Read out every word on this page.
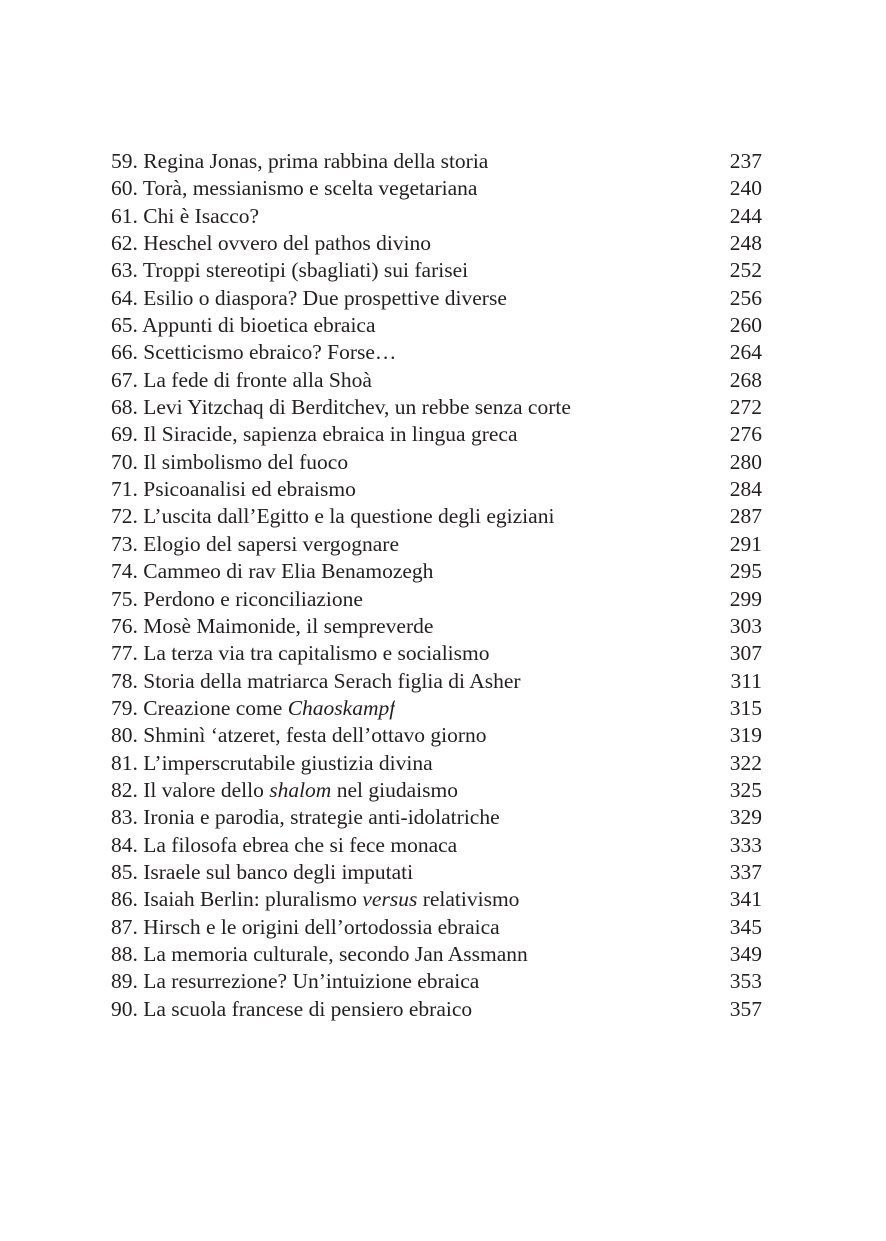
59. Regina Jonas, prima rabbina della storia	237
60. Torà, messianismo e scelta vegetariana	240
61. Chi è Isacco?	244
62. Heschel ovvero del pathos divino	248
63. Troppi stereotipi (sbagliati) sui farisei	252
64. Esilio o diaspora? Due prospettive diverse	256
65. Appunti di bioetica ebraica	260
66. Scetticismo ebraico? Forse…	264
67. La fede di fronte alla Shoà	268
68. Levi Yitzchaq di Berditchev, un rebbe senza corte	272
69. Il Siracide, sapienza ebraica in lingua greca	276
70. Il simbolismo del fuoco	280
71. Psicoanalisi ed ebraismo	284
72. L’uscita dall’Egitto e la questione degli egiziani	287
73. Elogio del sapersi vergognare	291
74. Cammeo di rav Elia Benamozegh	295
75. Perdono e riconciliazione	299
76. Mosè Maimonide, il sempreverde	303
77. La terza via tra capitalismo e socialismo	307
78. Storia della matriarca Serach figlia di Asher	311
79. Creazione come Chaoskampf	315
80. Shminì ‘atzeret, festa dell’ottavo giorno	319
81. L’imperscrutabile giustizia divina	322
82. Il valore dello shalom nel giudaismo	325
83. Ironia e parodia, strategie anti-idolatriche	329
84. La filosofa ebrea che si fece monaca	333
85. Israele sul banco degli imputati	337
86. Isaiah Berlin: pluralismo versus relativismo	341
87. Hirsch e le origini dell’ortodossia ebraica	345
88. La memoria culturale, secondo Jan Assmann	349
89. La resurrezione? Un’intuizione ebraica	353
90. La scuola francese di pensiero ebraico	357
